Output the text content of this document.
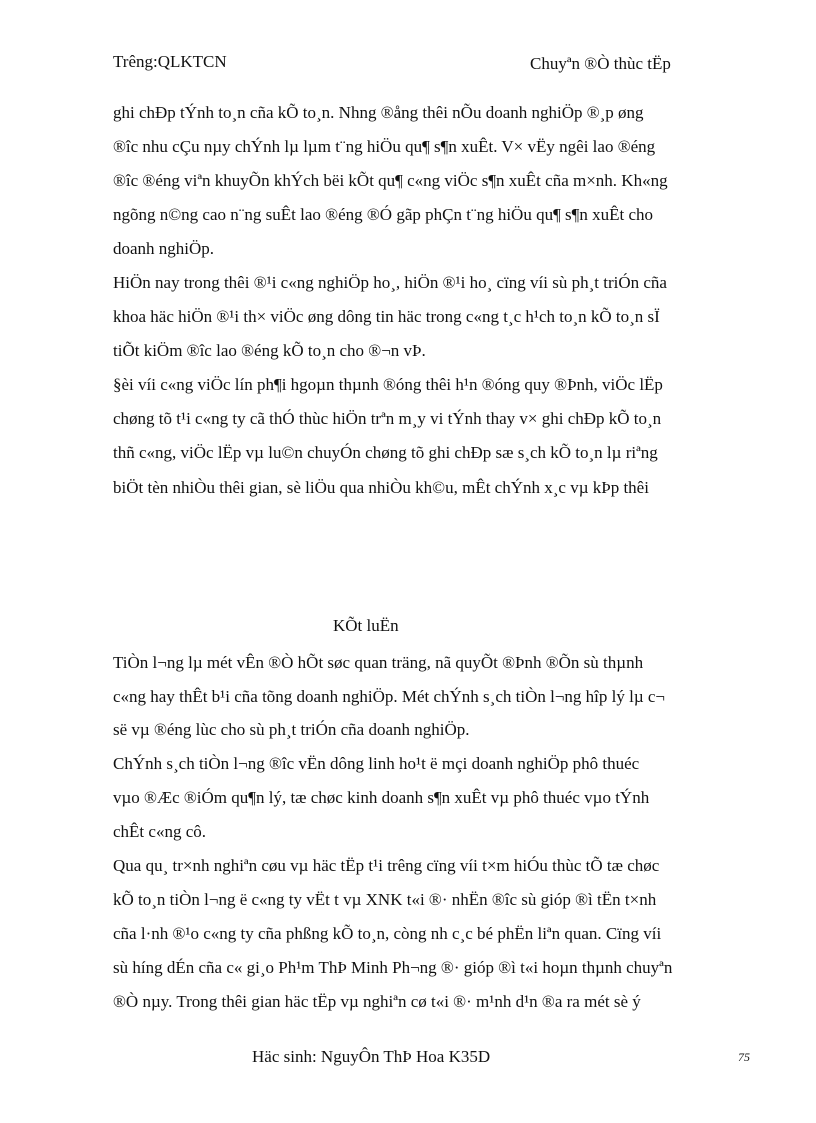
Trêng:QLKTCN	Chuyªn ®Ò thùc tËp
ghi chÐp tÝnh to¸n cña kÕ to¸n. Nhng ®ång thêi nÕu doanh nghiÖp ®¸p øng
®îc nhu cÇu nµy chÝnh lµ lµm t¨ng hiÖu qu¶ s¶n xuÊt. V× vËy ngêi lao ®éng
®îc ®éng viªn khuyÕn khÝch bëi kÕt qu¶ c«ng viÖc s¶n xuÊt cña m×nh. Kh«ng
ngõng n©ng cao n¨ng suÊt lao ®éng ®Ó gãp phÇn t¨ng hiÖu qu¶ s¶n xuÊt cho
doanh nghiÖp.
HiÖn nay trong thêi ®¹i c«ng nghiÖp ho¸, hiÖn ®¹i ho¸ cïng víi sù ph¸t triÓn cña
khoa häc hiÖn ®¹i th× viÖc øng dông tin häc trong c«ng t¸c h¹ch to¸n kÕ to¸n sÏ
tiÕt kiÖm ®îc lao ®éng kÕ to¸n cho ®¬n vÞ.
§èi víi c«ng viÖc lín ph¶i hgoµn thµnh ®óng thêi h¹n ®óng quy ®Þnh, viÖc lËp
chøng tõ t¹i c«ng ty cã thÓ thùc hiÖn trªn m¸y vi tÝnh thay v× ghi chÐp kÕ to¸n
thñ c«ng, viÖc lËp vµ lu©n chuyÓn chøng tõ ghi chÐp sæ s¸ch kÕ to¸n lµ riªng
biÖt tèn nhiÒu thêi gian, sè liÖu qua nhiÒu kh©u, mÊt chÝnh x¸c vµ kÞp thêi
KÕt luËn
TiÒn l¬ng lµ mét vÊn ®Ò hÕt søc quan träng, nã quyÕt ®Þnh ®Õn sù thµnh
c«ng hay thÊt b¹i cña tõng doanh nghiÖp. Mét chÝnh s¸ch tiÒn l¬ng hîp lý lµ c¬
së vµ ®éng lùc cho sù ph¸t triÓn cña doanh nghiÖp.
ChÝnh s¸ch tiÒn l¬ng ®îc vËn dông linh ho¹t ë mçi doanh nghiÖp phô thuéc
vµo ®Æc ®iÓm qu¶n lý, tæ chøc kinh doanh s¶n xuÊt vµ phô thuéc vµo tÝnh
chÊt c«ng cô.
Qua qu¸ tr×nh nghiªn cøu vµ häc tËp t¹i trêng cïng víi t×m hiÓu thùc tÕ tæ chøc
kÕ to¸n tiÒn l¬ng ë c«ng ty vËt t vµ XNK t«i ®· nhËn ®îc sù gióp ®ì tËn t×nh
cña l·nh ®¹o c«ng ty cña phßng kÕ to¸n, còng nh c¸c bé phËn liªn quan. Cïng víi
sù híng dÉn cña c« gi¸o Ph¹m ThÞ Minh Ph¬ng ®· gióp ®ì t«i hoµn thµnh chuyªn
®Ò nµy. Trong thêi gian häc tËp vµ nghiªn cø t«i ®· m¹nh d¹n ®a ra mét sè ý
Häc sinh: NguyÔn ThÞ Hoa K35D	75
